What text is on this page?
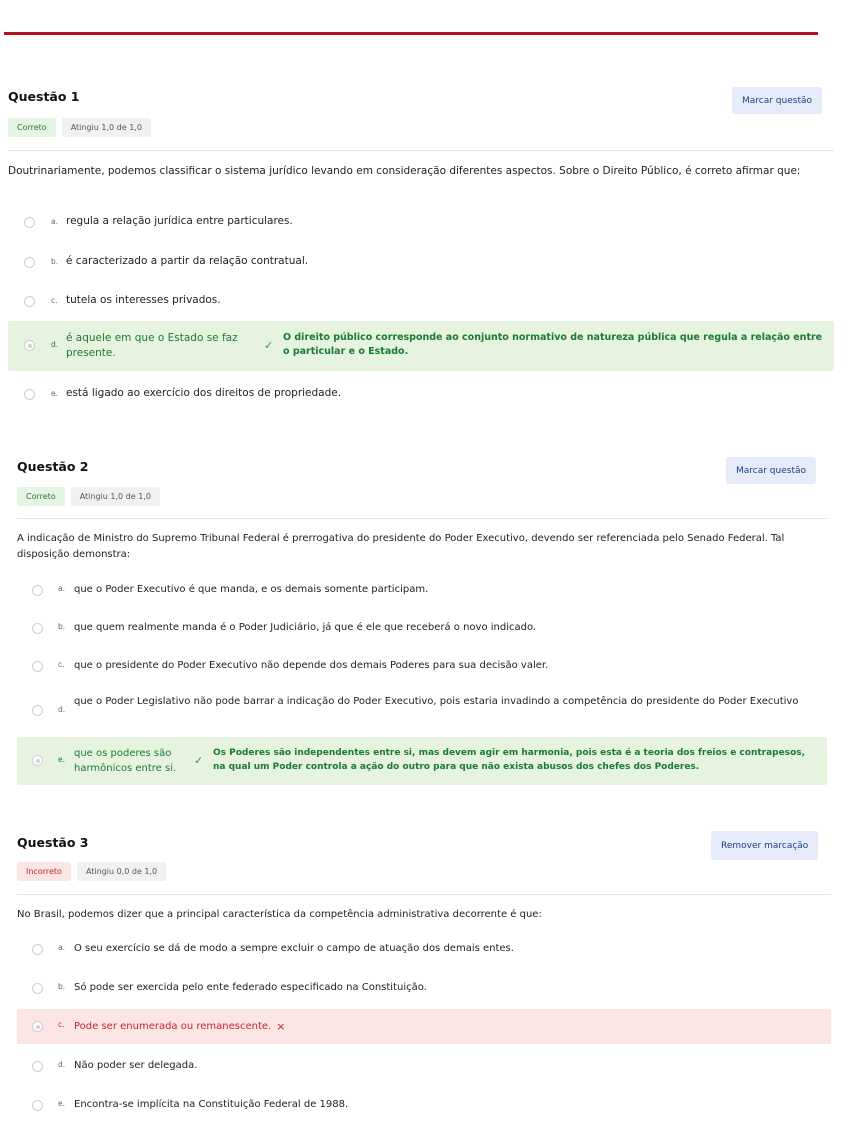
Questão 1	Marcar questão
Correto	Atingiu 1,0 de 1,0
Doutrinariamente, podemos classificar o sistema jurídico levando em consideração diferentes aspectos. Sobre o Direito Público, é correto afirmar que:
a. regula a relação jurídica entre particulares.
b. é caracterizado a partir da relação contratual.
c. tutela os interesses privados.
d.
é aquele em que o Estado se faz presente.
✓
O direito público corresponde ao conjunto normativo de natureza pública que regula a relação entre o particular e o Estado.
e. está ligado ao exercício dos direitos de propriedade.
Questão 2	Marcar questão
Correto	Atingiu 1,0 de 1,0
A indicação de Ministro do Supremo Tribunal Federal é prerrogativa do presidente do Poder Executivo, devendo ser referenciada pelo Senado Federal. Tal disposição demonstra:
a. que o Poder Executivo é que manda, e os demais somente participam.
b. que quem realmente manda é o Poder Judiciário, já que é ele que receberá o novo indicado.
c. que o presidente do Poder Executivo não depende dos demais Poderes para sua decisão valer.
d.
que o Poder Legislativo não pode barrar a indicação do Poder Executivo, pois estaria invadindo a competência do presidente do Poder Executivo
e.
que os poderes são harmônicos entre si.
✓
Os Poderes são independentes entre si, mas devem agir em harmonia, pois esta é a teoria dos freios e contrapesos, na qual um Poder controla a ação do outro para que não exista abusos dos chefes dos Poderes.
Questão 3	Remover marcação
Incorreto	Atingiu 0,0 de 1,0
No Brasil, podemos dizer que a principal característica da competência administrativa decorrente é que:
a. O seu exercício se dá de modo a sempre excluir o campo de atuação dos demais entes.
b. Só pode ser exercida pelo ente federado especificado na Constituição.
c. Pode ser enumerada ou remanescente. ×
d. Não poder ser delegada.
e. Encontra-se implícita na Constituição Federal de 1988.
